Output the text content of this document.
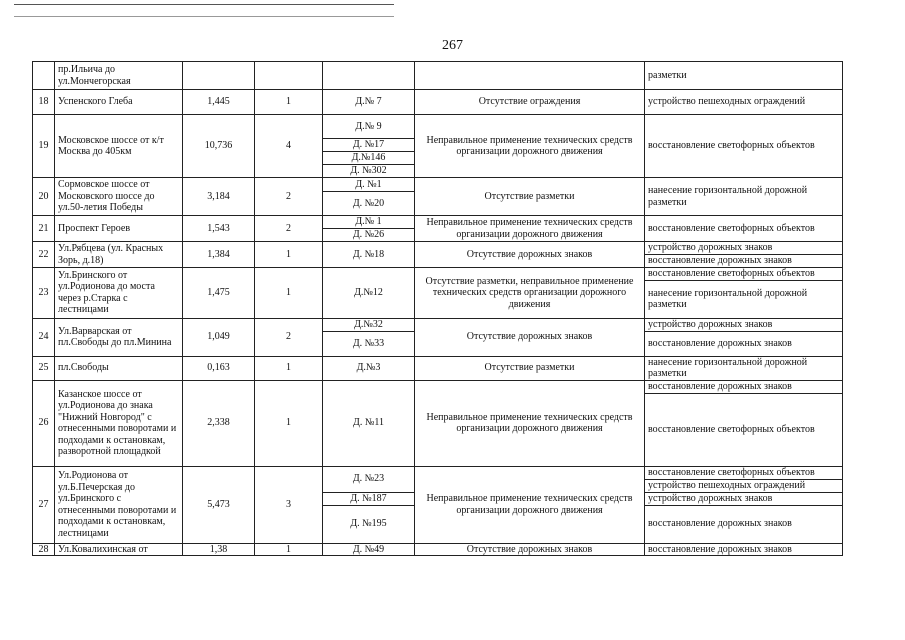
267
	пр.Ильича до ул.Мончегорская					разметки
18	Успенского Глеба	1,445	1	Д.№ 7	Отсутствие ограждения	устройство пешеходных ограждений
19	Московское шоссе от к/т Москва до 405км	10,736	4	Д.№ 9	Неправильное применение технических средств организации дорожного движения	восстановление светофорных объектов
				Д. №17		
				Д.№146		
				Д. №302		
20	Сормовское шоссе от Московского шоссе до ул.50-летия Победы	3,184	2	Д. №1	Отсутствие разметки	нанесение горизонтальной дорожной разметки
				Д. №20		
21	Проспект Героев	1,543	2	Д.№ 1	Неправильное применение технических средств организации дорожного движения	восстановление светофорных объектов
				Д. №26		
22	Ул.Рябцева (ул. Красных Зорь, д.18)	1,384	1	Д. №18	Отсутствие дорожных знаков	устройство дорожных знаков
						восстановление дорожных знаков
23	Ул.Бринского от ул.Родионова до моста через р.Старка с лестницами	1,475	1	Д.№12	Отсутствие разметки, неправильное применение технических средств организации дорожного движения	восстановление светофорных объектов
						нанесение горизонтальной дорожной разметки
24	Ул.Варварская от пл.Свободы до пл.Минина	1,049	2	Д.№32	Отсутствие дорожных знаков	устройство дорожных знаков
				Д. №33		восстановление дорожных знаков
25	пл.Свободы	0,163	1	Д.№3	Отсутствие разметки	нанесение горизонтальной дорожной разметки
26	Казанское шоссе от ул.Родионова до знака "Нижний Новгород" с отнесенными поворотами и подходами к остановкам, разворотной площадкой	2,338	1	Д. №11	Неправильное применение технических средств организации дорожного движения	восстановление дорожных знаков
						восстановление светофорных объектов
27	Ул.Родионова от ул.Б.Печерская до ул.Бринского с отнесенными поворотами и подходами к остановкам, лестницами	5,473	3	Д. №23	Неправильное применение технических средств организации дорожного движения	восстановление светофорных объектов
						устройство пешеходных ограждений
				Д. №187		устройство дорожных знаков
				Д. №195		восстановление дорожных знаков
28	Ул.Ковалихинская от	1,38	1	Д. №49	Отсутствие дорожных знаков	восстановление дорожных знаков
